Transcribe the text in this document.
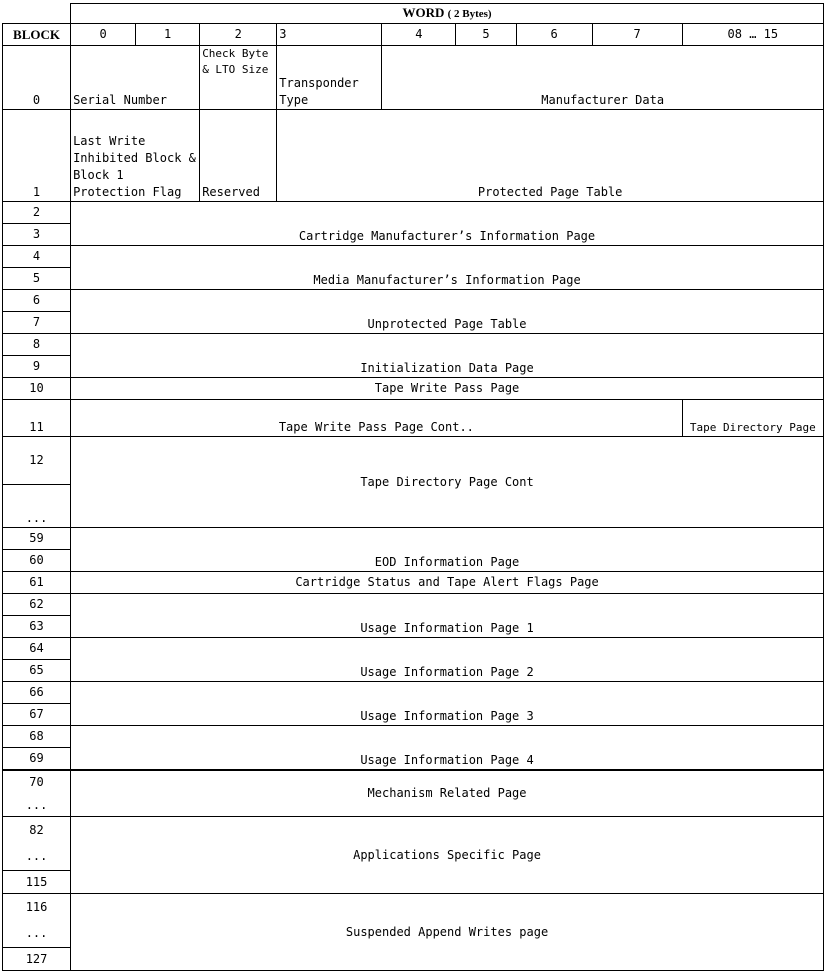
	WORD ( 2 Bytes)								
BLOCK	0	1	2	3	4	5	6	7	08 … 15
0	Serial Number		Check Byte & LTO Size	Transponder Type	Manufacturer Data				
1	Last Write Inhibited Block & Block 1 Protection Flag		Reserved	Protected Page Table					
2	Cartridge Manufacturer’s Information Page								
3									
4	Media Manufacturer’s Information Page								
5									
6	Unprotected Page Table								
7									
8	Initialization Data Page								
9									
10	Tape Write Pass Page								
11	Tape Write Pass Page Cont..								Tape Directory Page
12	Tape Directory Page Cont								
...									
59	EOD Information Page								
60									
61	Cartridge Status and Tape Alert Flags Page								
62	Usage Information Page 1								
63									
64	Usage Information Page 2								
65									
66	Usage Information Page 3								
67									
68	Usage Information Page 4								
69									
70	Mechanism Related Page								
...									
82	Applications Specific Page								
...									
115									
116	Suspended Append Writes page								
...									
127									
